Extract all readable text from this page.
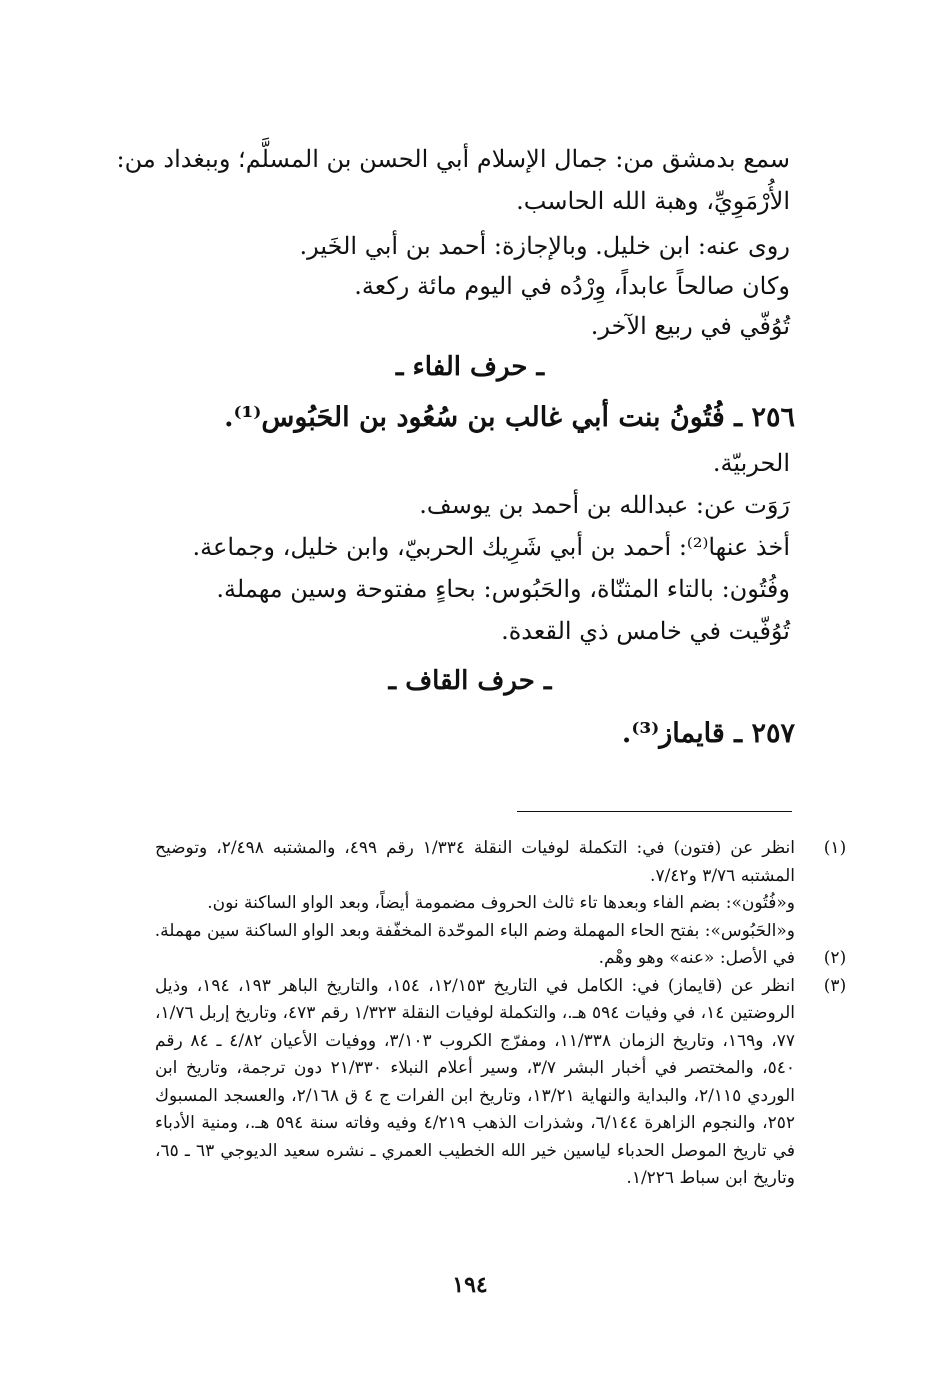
سمع بدمشق من: جمال الإسلام أبي الحسن بن المسلَّم؛ وببغداد من:

الأُرْمَوِيِّ، وهبة الله الحاسب.

روى عنه: ابن خليل. وبالإجازة: أحمد بن أبي الخَير.

وكان صالحاً عابداً، وِرْدُه في اليوم مائة ركعة.

تُوُفّي في ربيع الآخر.

ـ حرف الفاء ـ

٢٥٦ ـ فُتُونُ بنت أبي غالب بن سُعُود بن الحَبُوس⁽¹⁾.

الحربيّة.

رَوَت عن: عبدالله بن أحمد بن يوسف.

أخذ عنها⁽²⁾: أحمد بن أبي شَرِيك الحربيّ، وابن خليل، وجماعة.

وفُتُون: بالتاء المثنّاة، والحَبُوس: بحاءٍ مفتوحة وسين مهملة.

تُوُفّيت في خامس ذي القعدة.

ـ حرف القاف ـ

٢٥٧ ـ قايماز⁽³⁾.

(١)
انظر عن (فتون) في: التكملة لوفيات النقلة ١/٣٣٤ رقم ٤٩٩، والمشتبه ٢/٤٩٨، وتوضيح المشتبه ٣/٧٦ و٧/٤٢.
و«فُتُون»: بضم الفاء وبعدها تاء ثالث الحروف مضمومة أيضاً، وبعد الواو الساكنة نون.
و«الحَبُوس»: بفتح الحاء المهملة وضم الباء الموحّدة المخفّفة وبعد الواو الساكنة سين مهملة.
(٢)
في الأصل: «عنه» وهو وهْم.
(٣)
انظر عن (قايماز) في: الكامل في التاريخ ١٢/١٥٣، ١٥٤، والتاريخ الباهر ١٩٣، ١٩٤، وذيل الروضتين ١٤، في وفيات ٥٩٤ هـ.، والتكملة لوفيات النقلة ١/٣٢٣ رقم ٤٧٣، وتاريخ إربل ١/٧٦، ٧٧، و١٦٩، وتاريخ الزمان ١١/٣٣٨، ومفرّج الكروب ٣/١٠٣، ووفيات الأعيان ٤/٨٢ ـ ٨٤ رقم ٥٤٠، والمختصر في أخبار البشر ٣/٧، وسير أعلام النبلاء ٢١/٣٣٠ دون ترجمة، وتاريخ ابن الوردي ٢/١١٥، والبداية والنهاية ١٣/٢١، وتاريخ ابن الفرات ج ٤ ق ٢/١٦٨، والعسجد المسبوك ٢٥٢، والنجوم الزاهرة ٦/١٤٤، وشذرات الذهب ٤/٢١٩ وفيه وفاته سنة ٥٩٤ هـ.، ومنية الأدباء في تاريخ الموصل الحدباء لياسين خير الله الخطيب العمري ـ نشره سعيد الديوجي ٦٣ ـ ٦٥، وتاريخ ابن سباط ١/٢٢٦.
١٩٤
